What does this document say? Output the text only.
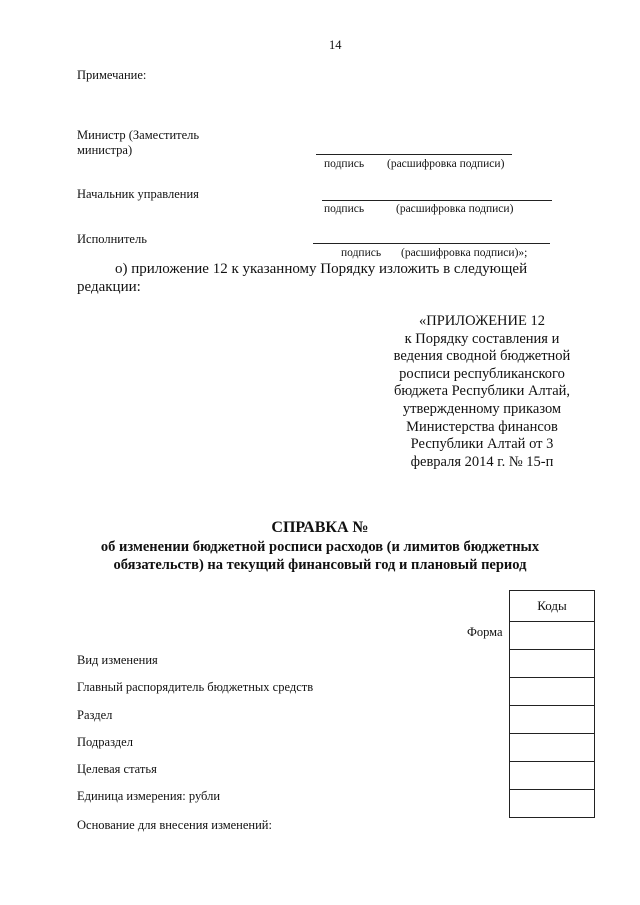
14
Примечание:
Министр (Заместитель
министра)
подпись (расшифровка подписи)
Начальник управления
подпись	(расшифровка подписи)
Исполнитель
подпись (расшифровка подписи)»;
о) приложение 12 к указанному Порядку изложить в следующей
редакции:
«ПРИЛОЖЕНИЕ 12
к Порядку составления и
ведения сводной бюджетной
росписи республиканского
бюджета Республики Алтай,
утвержденному приказом
Министерства финансов
Республики Алтай от 3
февраля 2014 г. № 15-п
СПРАВКА №
об изменении бюджетной росписи расходов (и лимитов бюджетных
обязательств) на текущий финансовый год и плановый период
Коды

Форма
Вид изменения
Главный распорядитель бюджетных средств
Раздел
Подраздел
Целевая статья
Единица измерения: рубли
Основание для внесения изменений:
